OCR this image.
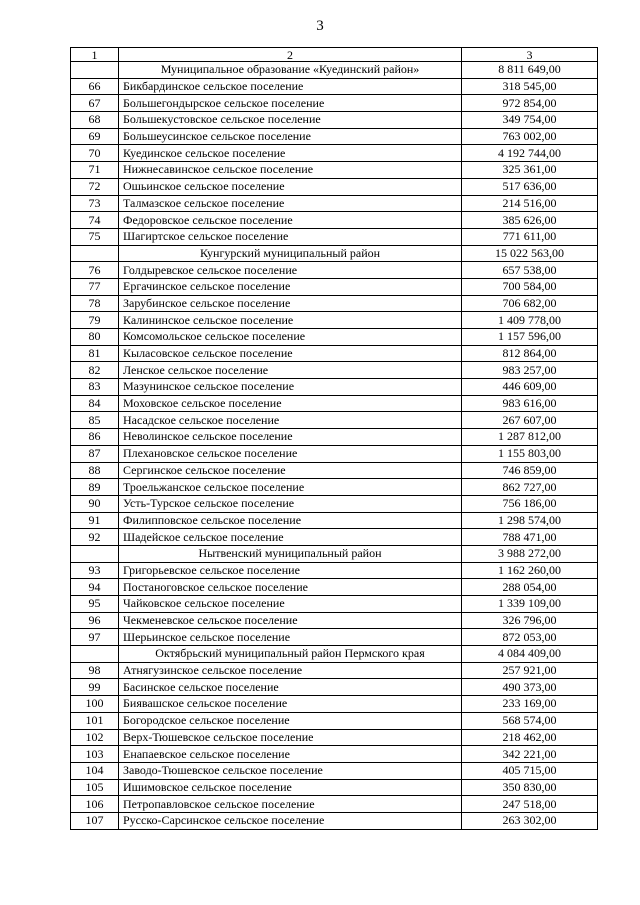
3
1	2	3
	Муниципальное образование «Куединский район»	8 811 649,00
66	Бикбардинское сельское поселение	318 545,00
67	Большегондырское сельское поселение	972 854,00
68	Большекустовское сельское поселение	349 754,00
69	Большеусинское сельское поселение	763 002,00
70	Куединское сельское поселение	4 192 744,00
71	Нижнесавинское сельское поселение	325 361,00
72	Ошьинское сельское поселение	517 636,00
73	Талмазское сельское поселение	214 516,00
74	Федоровское сельское поселение	385 626,00
75	Шагиртское сельское поселение	771 611,00
	Кунгурский муниципальный район	15 022 563,00
76	Голдыревское сельское поселение	657 538,00
77	Ергачинское сельское поселение	700 584,00
78	Зарубинское сельское поселение	706 682,00
79	Калининское сельское поселение	1 409 778,00
80	Комсомольское сельское поселение	1 157 596,00
81	Кыласовское сельское поселение	812 864,00
82	Ленское сельское поселение	983 257,00
83	Мазунинское сельское поселение	446 609,00
84	Моховское сельское поселение	983 616,00
85	Насадское сельское поселение	267 607,00
86	Неволинское сельское поселение	1 287 812,00
87	Плехановское сельское поселение	1 155 803,00
88	Сергинское сельское поселение	746 859,00
89	Троельжанское сельское поселение	862 727,00
90	Усть-Турское сельское поселение	756 186,00
91	Филипповское сельское поселение	1 298 574,00
92	Шадейское сельское поселение	788 471,00
	Нытвенский муниципальный район	3 988 272,00
93	Григорьевское сельское поселение	1 162 260,00
94	Постаноговское сельское поселение	288 054,00
95	Чайковское сельское поселение	1 339 109,00
96	Чекменевское сельское поселение	326 796,00
97	Шерьинское сельское поселение	872 053,00
	Октябрьский муниципальный район Пермского края	4 084 409,00
98	Атнягузинское сельское поселение	257 921,00
99	Басинское сельское поселение	490 373,00
100	Биявашское сельское поселение	233 169,00
101	Богородское сельское поселение	568 574,00
102	Верх-Тюшевское сельское поселение	218 462,00
103	Енапаевское сельское поселение	342 221,00
104	Заводо-Тюшевское сельское поселение	405 715,00
105	Ишимовское сельское поселение	350 830,00
106	Петропавловское сельское поселение	247 518,00
107	Русско-Сарсинское сельское поселение	263 302,00
